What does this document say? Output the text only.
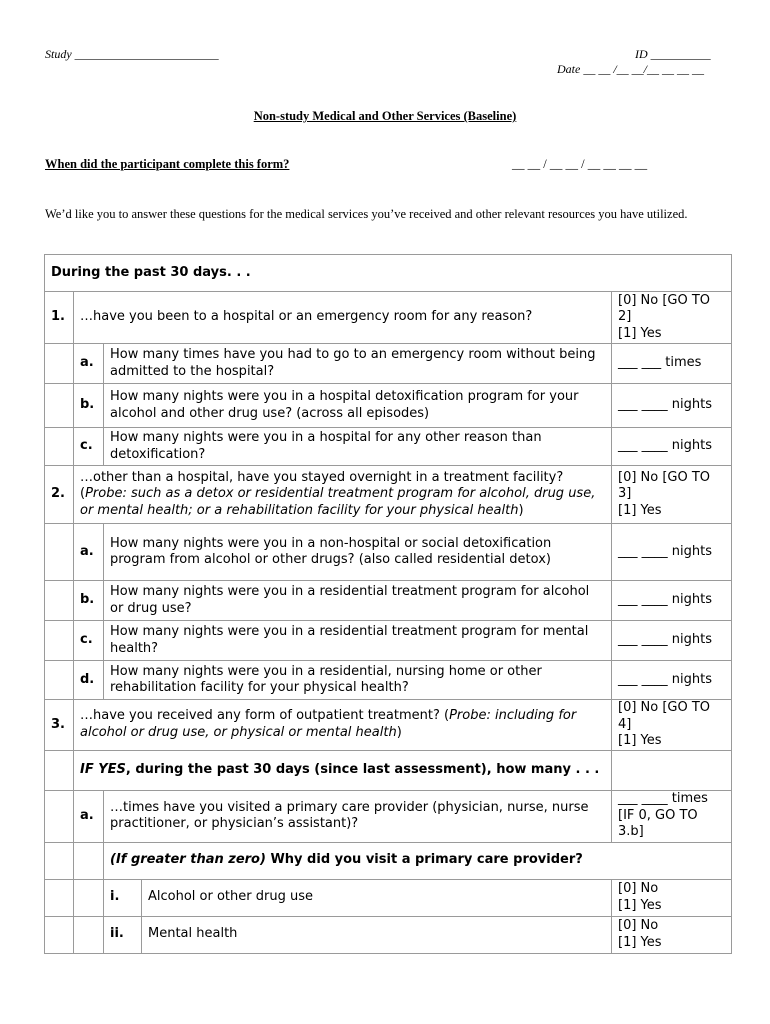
Study ________________________	ID __________
Date __ __ /__ __/__ __ __ __
Non-study Medical and Other Services (Baseline)
When did the participant complete this form?	__ __ / __ __ / __ __ __ __
We’d like you to answer these questions for the medical services you’ve received and other relevant resources you have utilized.
During the past 30 days. . .				
1.	…have you been to a hospital or an emergency room for any reason?			[0] No [GO TO 2]
[1] Yes

	a.	How many times have you had to go to an emergency room without being admitted to the hospital?		___ ___ times
	b.	How many nights were you in a hospital detoxification program for your alcohol and other drug use? (across all episodes)		___ ____ nights
	c.	How many nights were you in a hospital for any other reason than detoxification?		___ ____ nights
2.	…other than a hospital, have you stayed overnight in a treatment facility? (Probe: such as a detox or residential treatment program for alcohol, drug use, or mental health; or a rehabilitation facility for your physical health)			[0] No [GO TO 3]
[1] Yes

	a.	How many nights were you in a non-hospital or social detoxification program from alcohol or other drugs? (also called residential detox)		___ ____ nights
	b.	How many nights were you in a residential treatment program for alcohol or drug use?		___ ____ nights
	c.	How many nights were you in a residential treatment program for mental health?		___ ____ nights
	d.	How many nights were you in a residential, nursing home or other rehabilitation facility for your physical health?		___ ____ nights
3.	…have you received any form of outpatient treatment? (Probe: including for alcohol or drug use, or physical or mental health)			[0] No [GO TO 4]
[1] Yes

	IF YES, during the past 30 days (since last assessment), how many . . .			
	a.	…times have you visited a primary care provider (physician, nurse, nurse practitioner, or physician’s assistant)?		___ ____ times
[IF 0, GO TO 3.b]

		(If greater than zero) Why did you visit a primary care provider?		
		i.	Alcohol or other drug use	[0] No
[1] Yes

		ii.	Mental health	[0] No
[1] Yes
